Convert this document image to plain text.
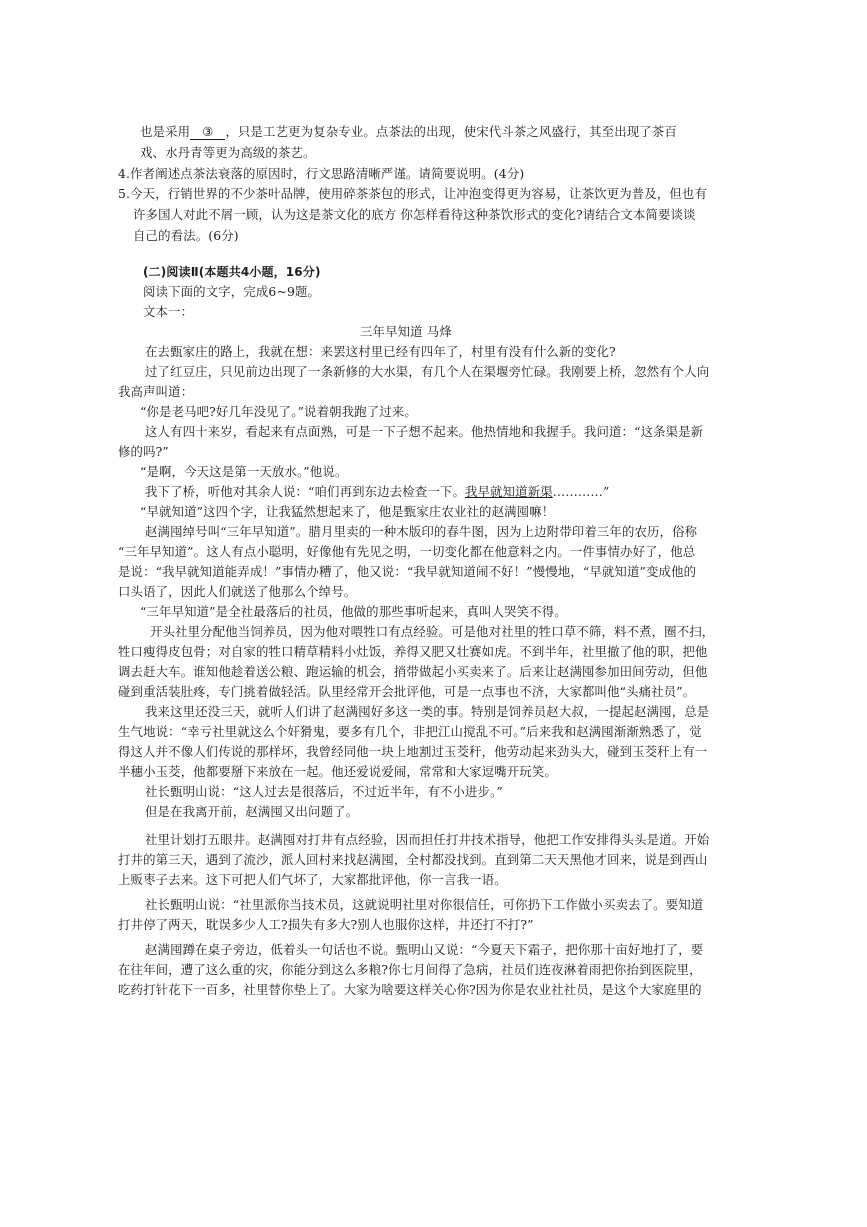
也是采用 ③ ，只是工艺更为复杂专业。点茶法的出现，使宋代斗茶之风盛行，其至出现了茶百
戏、水丹青等更为高级的茶艺。
4.作者阐述点茶法衰落的原因时，行文思路清晰严谨。请简要说明。(4分)
5.今天，行销世界的不少茶叶品牌，使用碎茶茶包的形式，让冲泡变得更为容易，让茶饮更为普及，但也有
许多国人对此不屑一顾，认为这是茶文化的底方 你怎样看待这种茶饮形式的变化?请结合文本简要谈谈
自己的看法。(6分)
(二)阅读Ⅱ(本题共4小题，16分)
阅读下面的文字，完成6~9题。
文本一：
三年早知道 马烽
在去甄家庄的路上，我就在想：来罢这村里已经有四年了，村里有没有什么新的变化?
过了红豆庄，只见前边出现了一条新修的大水渠，有几个人在渠堰旁忙碌。我刚要上桥，忽然有个人向
我高声叫道：
“你是老马吧?好几年没见了。”说着朝我跑了过来。
这人有四十来岁，看起来有点面熟，可是一下子想不起来。他热情地和我握手。我问道：“这条渠是新
修的吗?”
“是啊，今天这是第一天放水。”他说。
我下了桥，听他对其余人说：“咱们再到东边去检查一下。我早就知道新渠…………”
“早就知道”这四个字，让我猛然想起来了，他是甄家庄农业社的赵满囤嘛！
赵满囤绰号叫“三年早知道”。腊月里卖的一种木版印的春牛图，因为上边附带印着三年的农历，俗称
“三年早知道”。这人有点小聪明，好像他有先见之明，一切变化都在他意料之内。一件事情办好了，他总
是说：“我早就知道能弄成！”事情办糟了，他又说：“我早就知道闹不好！”慢慢地，“早就知道”变成他的
口头语了，因此人们就送了他那么个绰号。
“三年早知道”是全社最落后的社员，他做的那些事听起来，真叫人哭笑不得。
开头社里分配他当饲养员，因为他对喂牲口有点经验。可是他对社里的牲口草不筛，料不煮，圈不扫，
牲口瘦得皮包骨；对自家的牲口精草精料小灶饭，养得又肥又壮赛如虎。不到半年，社里撤了他的职，把他
调去赶大车。谁知他趁着送公粮、跑运输的机会，捎带做起小买卖来了。后来让赵满囤参加田间劳动，但他
碰到重活装肚疼，专门挑着做轻活。队里经常开会批评他，可是一点事也不济，大家都叫他“头痛社员”。
我来这里还没三天，就听人们讲了赵满囤好多这一类的事。特别是饲养员赵大叔，一提起赵满囤，总是
生气地说：“幸亏社里就这么个奸猾鬼，要多有几个，非把江山搅乱不可。”后来我和赵满囤渐渐熟悉了，觉
得这人并不像人们传说的那样坏，我曾经同他一块上地割过玉茭秆，他劳动起来劲头大，碰到玉茭秆上有一
半穗小玉茭，他都要掰下来放在一起。他还爱说爱闹，常常和大家逗嘴开玩笑。
社长甄明山说：“这人过去是很落后，不过近半年，有不小进步。”
但是在我离开前，赵满囤又出问题了。
社里计划打五眼井。赵满囤对打井有点经验，因而担任打井技术指导，他把工作安排得头头是道。开始
打井的第三天，遇到了流沙，派人回村来找赵满囤，全村都没找到。直到第二天天黑他才回来，说是到西山
上贩枣子去来。这下可把人们气坏了，大家都批评他，你一言我一语。
社长甄明山说：“社里派你当技术员，这就说明社里对你很信任，可你扔下工作做小买卖去了。要知道
打井停了两天，耽误多少人工?损失有多大?别人也服你这样，井还打不打?”
赵满囤蹲在桌子旁边，低着头一句话也不说。甄明山又说：“今夏天下霜子，把你那十亩好地打了，要
在往年间，遭了这么重的灾，你能分到这么多粮?你七月间得了急病，社员们连夜淋着雨把你抬到医院里，
吃药打针花下一百多，社里替你垫上了。大家为啥要这样关心你?因为你是农业社社员，是这个大家庭里的
